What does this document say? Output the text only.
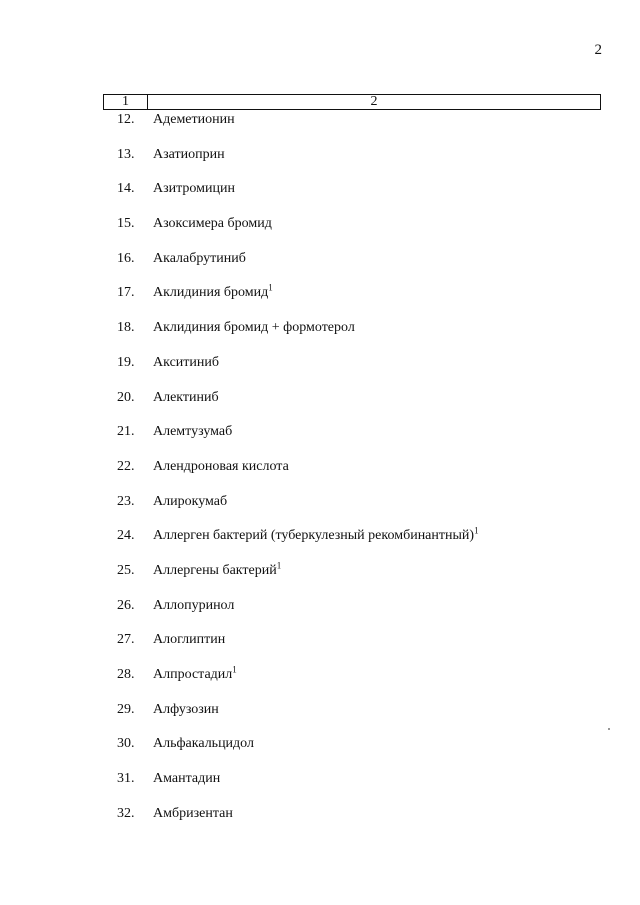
2
1	2
12. Адеметионин
13. Азатиоприн
14. Азитромицин
15. Азоксимера бромид
16. Акалабрутиниб
17. Аклидиния бромид$^1$
18. Аклидиния бромид + формотерол
19. Акситиниб
20. Алектиниб
21. Алемтузумаб
22. Алендроновая кислота
23. Алирокумаб
24. Аллерген бактерий (туберкулезный рекомбинантный)$^1$
25. Аллергены бактерий$^1$
26. Аллопуринол
27. Алоглиптин
28. Алпростадил$^1$
29. Алфузозин
30. Альфакальцидол
31. Амантадин
32. Амбризентан
